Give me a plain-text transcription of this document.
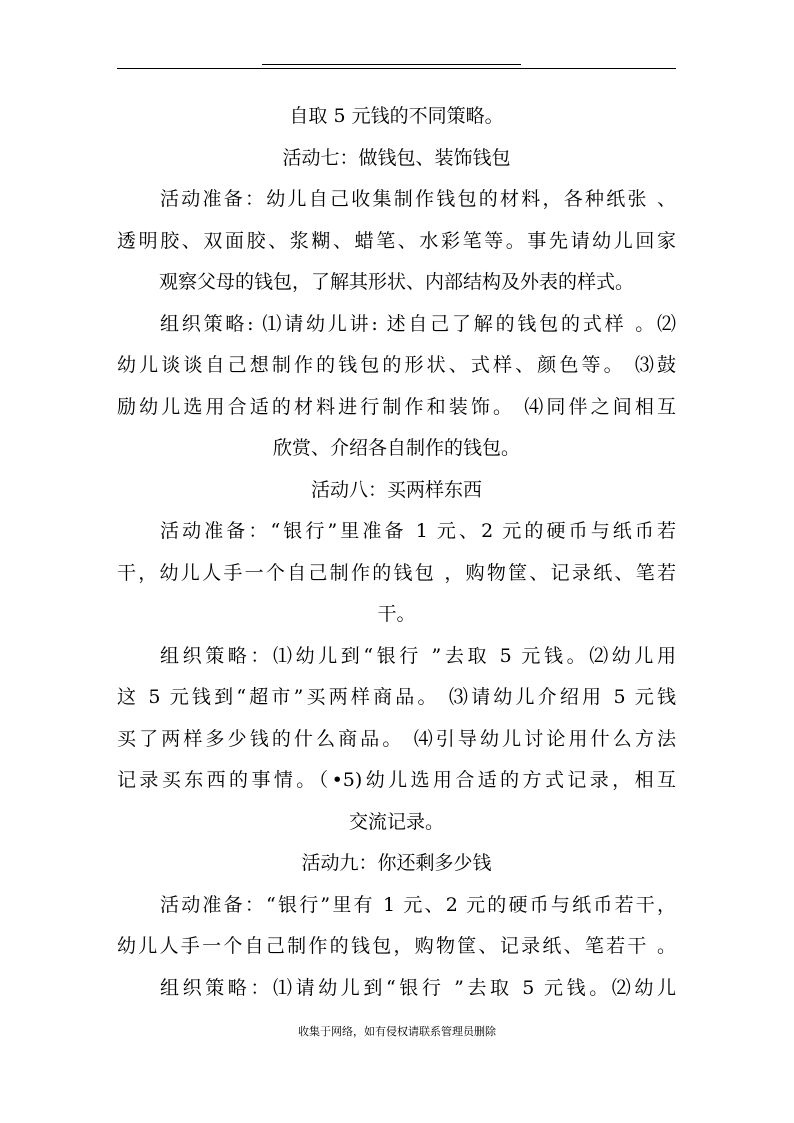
自取 5 元钱的不同策略。
活动七：做钱包、装饰钱包
活动准备：幼儿自己收集制作钱包的材料，各种纸张 、
透明胶、双面胶、浆糊、蜡笔、水彩笔等。事先请幼儿回家
观察父母的钱包，了解其形状、内部结构及外表的样式。
组织策略: ⑴请幼儿讲: 述自己了解的钱包的式样 。⑵
幼儿谈谈自己想制作的钱包的形状、式样、颜色等。 ⑶鼓
励幼儿选用合适的材料进行制作和装饰。 ⑷同伴之间相互
欣赏、介绍各自制作的钱包。
活动八：买两样东西
活动准备：“银行”里准备 1 元、2 元的硬币与纸币若
干，幼儿人手一个自己制作的钱包 ，购物筐、记录纸、笔若
干。
组织策略：⑴幼儿到“银行 ”去取 5 元钱。⑵幼儿用
这 5 元钱到“超市”买两样商品。 ⑶请幼儿介绍用 5 元钱
买了两样多少钱的什么商品。 ⑷引导幼儿讨论用什么方法
记录买东西的事情。（•5)幼儿选用合适的方式记录，相互
交流记录。
活动九：你还剩多少钱
活动准备：“银行”里有 1 元、2 元的硬币与纸币若干，
幼儿人手一个自己制作的钱包，购物筐、记录纸、笔若干 。
组织策略：⑴请幼儿到“银行 ”去取 5 元钱。⑵幼儿
收集于网络，如有侵权请联系管理员删除
